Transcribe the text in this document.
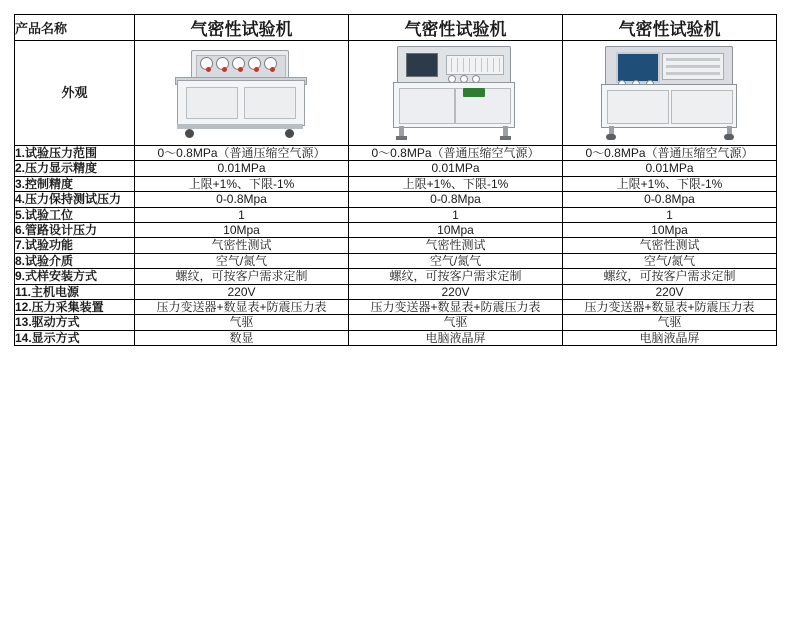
产品名称	气密性试验机	气密性试验机	气密性试验机
外观	

1.试验压力范围	0～0.8MPa（普通压缩空气源）	0～0.8MPa（普通压缩空气源）	0～0.8MPa（普通压缩空气源）
2.压力显示精度	0.01MPa	0.01MPa	0.01MPa
3.控制精度	上限+1%、下限-1%	上限+1%、下限-1%	上限+1%、下限-1%
4.压力保持测试压力	0-0.8Mpa	0-0.8Mpa	0-0.8Mpa
5.试验工位	1	1	1
6.管路设计压力	10Mpa	10Mpa	10Mpa
7.试验功能	气密性测试	气密性测试	气密性测试
8.试验介质	空气/氮气	空气/氮气	空气/氮气
9.式样安装方式	螺纹，可按客户需求定制	螺纹，可按客户需求定制	螺纹，可按客户需求定制
11.主机电源	220V	220V	220V
12.压力采集装置	压力变送器+数显表+防震压力表	压力变送器+数显表+防震压力表	压力变送器+数显表+防震压力表
13.驱动方式	气驱	气驱	气驱
14.显示方式	数显	电脑液晶屏	电脑液晶屏
